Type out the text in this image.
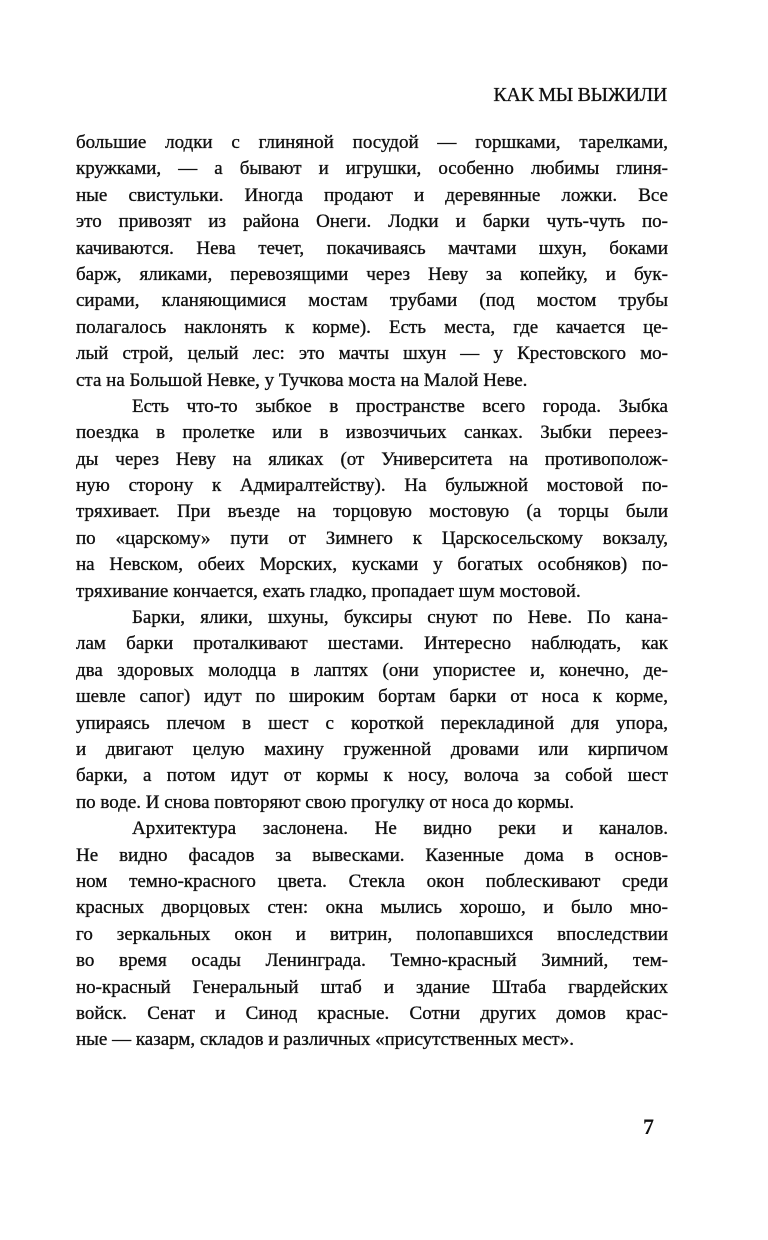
КАК МЫ ВЫЖИЛИ
большие лодки с глиняной посудой — горшками, тарелками,
кружками, — а бывают и игрушки, особенно любимы глиня-
ные свистульки. Иногда продают и деревянные ложки. Все
это привозят из района Онеги. Лодки и барки чуть-чуть по-
качиваются. Нева течет, покачиваясь мачтами шхун, боками
барж, яликами, перевозящими через Неву за копейку, и бук-
сирами, кланяющимися мостам трубами (под мостом трубы
полагалось наклонять к корме). Есть места, где качается це-
лый строй, целый лес: это мачты шхун — у Крестовского мо-
ста на Большой Невке, у Тучкова моста на Малой Неве.
Есть что-то зыбкое в пространстве всего города. Зыбка
поездка в пролетке или в извозчичьих санках. Зыбки переез-
ды через Неву на яликах (от Университета на противополож-
ную сторону к Адмиралтейству). На булыжной мостовой по-
тряхивает. При въезде на торцовую мостовую (а торцы были
по «царскому» пути от Зимнего к Царскосельскому вокзалу,
на Невском, обеих Морских, кусками у богатых особняков) по-
тряхивание кончается, ехать гладко, пропадает шум мостовой.
Барки, ялики, шхуны, буксиры снуют по Неве. По кана-
лам барки проталкивают шестами. Интересно наблюдать, как
два здоровых молодца в лаптях (они упористее и, конечно, де-
шевле сапог) идут по широким бортам барки от носа к корме,
упираясь плечом в шест с короткой перекладиной для упора,
и двигают целую махину груженной дровами или кирпичом
барки, а потом идут от кормы к носу, волоча за собой шест
по воде. И снова повторяют свою прогулку от носа до кормы.
Архитектура заслонена. Не видно реки и каналов.
Не видно фасадов за вывесками. Казенные дома в основ-
ном темно-красного цвета. Стекла окон поблескивают среди
красных дворцовых стен: окна мылись хорошо, и было мно-
го зеркальных окон и витрин, полопавшихся впоследствии
во время осады Ленинграда. Темно-красный Зимний, тем-
но-красный Генеральный штаб и здание Штаба гвардейских
войск. Сенат и Синод красные. Сотни других домов крас-
ные — казарм, складов и различных «присутственных мест».
7
